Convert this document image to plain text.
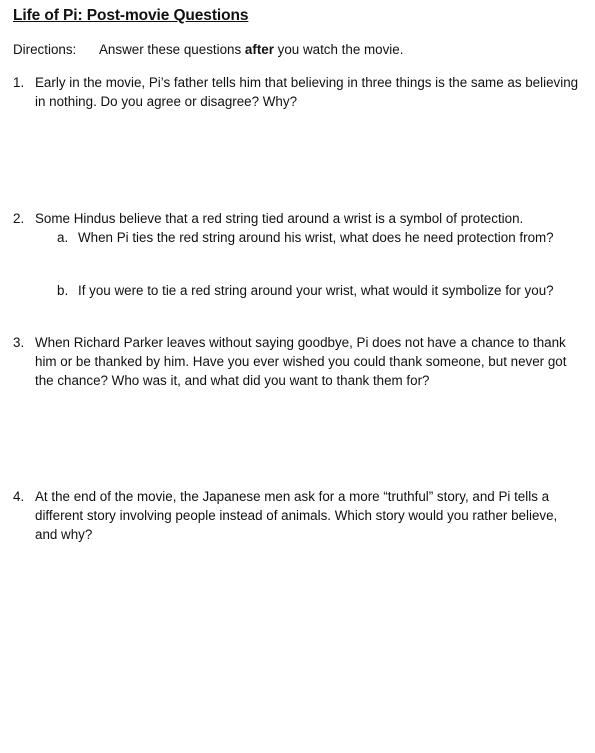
Life of Pi: Post-movie Questions
Directions: Answer these questions after you watch the movie.
1. Early in the movie, Pi’s father tells him that believing in three things is the same as believing in nothing. Do you agree or disagree? Why?
2. Some Hindus believe that a red string tied around a wrist is a symbol of protection.
a. When Pi ties the red string around his wrist, what does he need protection from?
b. If you were to tie a red string around your wrist, what would it symbolize for you?
3. When Richard Parker leaves without saying goodbye, Pi does not have a chance to thank him or be thanked by him. Have you ever wished you could thank someone, but never got the chance? Who was it, and what did you want to thank them for?
4. At the end of the movie, the Japanese men ask for a more “truthful” story, and Pi tells a different story involving people instead of animals. Which story would you rather believe, and why?
